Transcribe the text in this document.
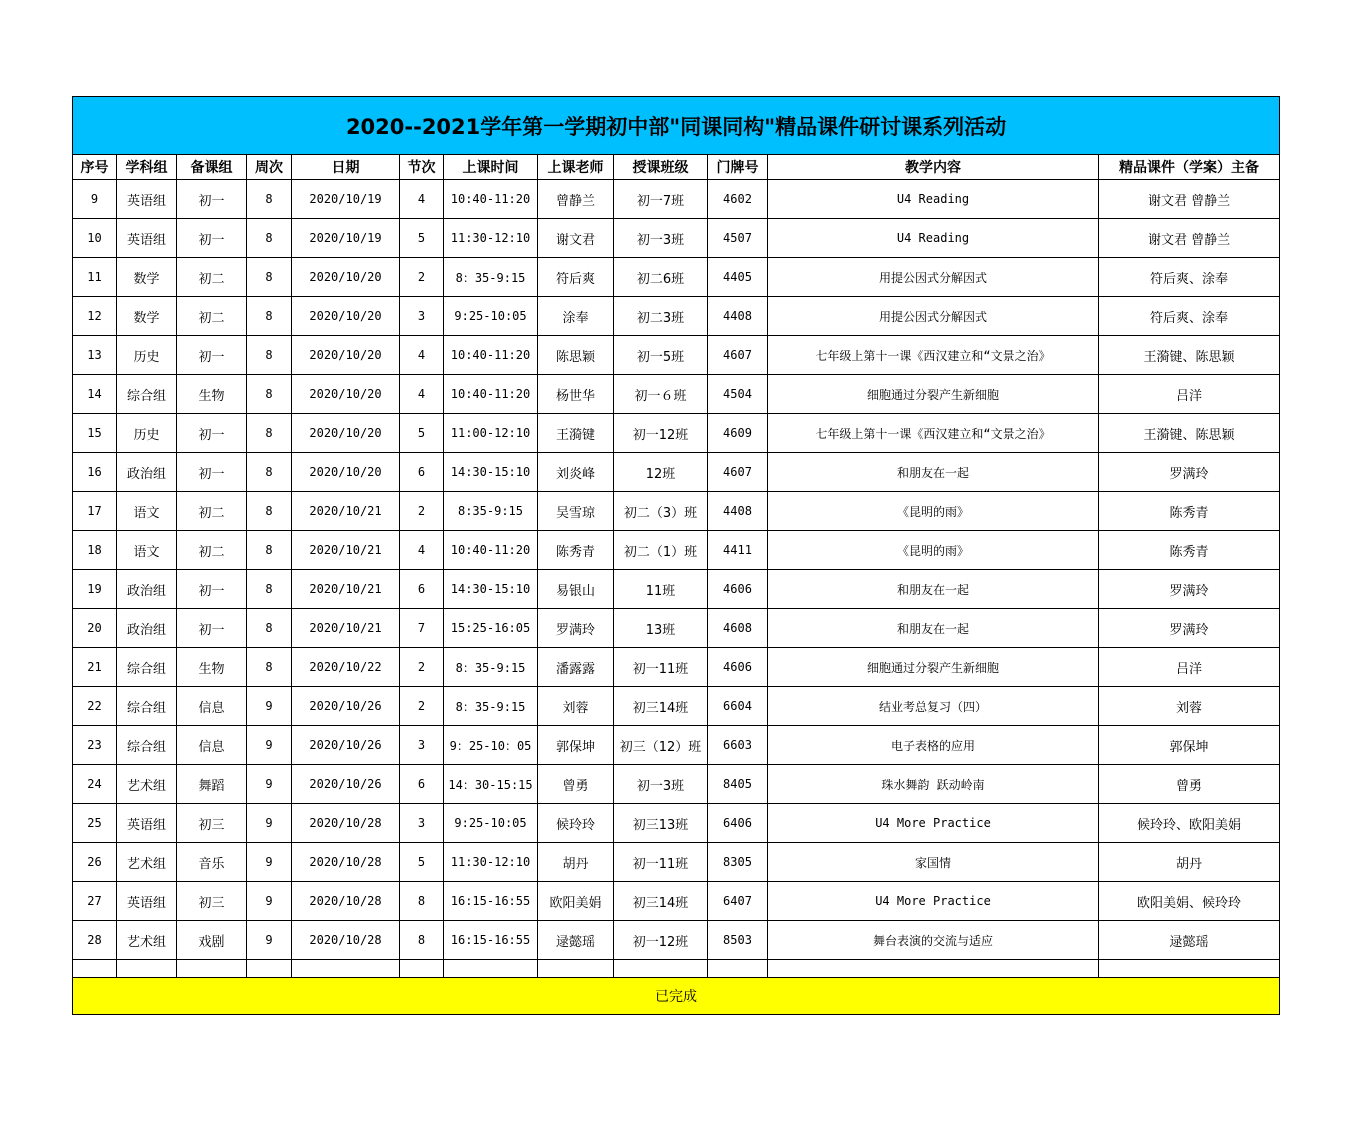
2020--2021学年第一学期初中部"同课同构"精品课件研讨课系列活动											
序号	学科组	备课组	周次	日期	节次	上课时间	上课老师	授课班级	门牌号	教学内容	精品课件（学案）主备
9	英语组	初一	8	2020/10/19	4	10:40-11:20	曾静兰	初一7班	4602	U4 Reading	谢文君 曾静兰
10	英语组	初一	8	2020/10/19	5	11:30-12:10	谢文君	初一3班	4507	U4 Reading	谢文君 曾静兰
11	数学	初二	8	2020/10/20	2	8：35-9:15	符后爽	初二6班	4405	用提公因式分解因式	符后爽、涂奉
12	数学	初二	8	2020/10/20	3	9:25-10:05	涂奉	初二3班	4408	用提公因式分解因式	符后爽、涂奉
13	历史	初一	8	2020/10/20	4	10:40-11:20	陈思颖	初一5班	4607	七年级上第十一课《西汉建立和“文景之治》	王漪键、陈思颖
14	综合组	生物	8	2020/10/20	4	10:40-11:20	杨世华	初一６班	4504	细胞通过分裂产生新细胞	吕洋
15	历史	初一	8	2020/10/20	5	11:00-12:10	王漪键	初一12班	4609	七年级上第十一课《西汉建立和“文景之治》	王漪键、陈思颖
16	政治组	初一	8	2020/10/20	6	14:30-15:10	刘炎峰	12班	4607	和朋友在一起	罗满玲
17	语文	初二	8	2020/10/21	2	8:35-9:15	吴雪琼	初二（3）班	4408	《昆明的雨》	陈秀青
18	语文	初二	8	2020/10/21	4	10:40-11:20	陈秀青	初二（1）班	4411	《昆明的雨》	陈秀青
19	政治组	初一	8	2020/10/21	6	14:30-15:10	易银山	11班	4606	和朋友在一起	罗满玲
20	政治组	初一	8	2020/10/21	7	15:25-16:05	罗满玲	13班	4608	和朋友在一起	罗满玲
21	综合组	生物	8	2020/10/22	2	8：35-9:15	潘露露	初一11班	4606	细胞通过分裂产生新细胞	吕洋
22	综合组	信息	9	2020/10/26	2	8：35-9:15	刘蓉	初三14班	6604	结业考总复习（四）	刘蓉
23	综合组	信息	9	2020/10/26	3	9：25-10：05	郭保坤	初三（12）班	6603	电子表格的应用	郭保坤
24	艺术组	舞蹈	9	2020/10/26	6	14：30-15:15	曾勇	初一3班	8405	珠水舞韵 跃动岭南	曾勇
25	英语组	初三	9	2020/10/28	3	9:25-10:05	候玲玲	初三13班	6406	U4 More Practice	候玲玲、欧阳美娟
26	艺术组	音乐	9	2020/10/28	5	11:30-12:10	胡丹	初一11班	8305	家国情	胡丹
27	英语组	初三	9	2020/10/28	8	16:15-16:55	欧阳美娟	初三14班	6407	U4 More Practice	欧阳美娟、候玲玲
28	艺术组	戏剧	9	2020/10/28	8	16:15-16:55	逯懿瑶	初一12班	8503	舞台表演的交流与适应	逯懿瑶

已完成											
